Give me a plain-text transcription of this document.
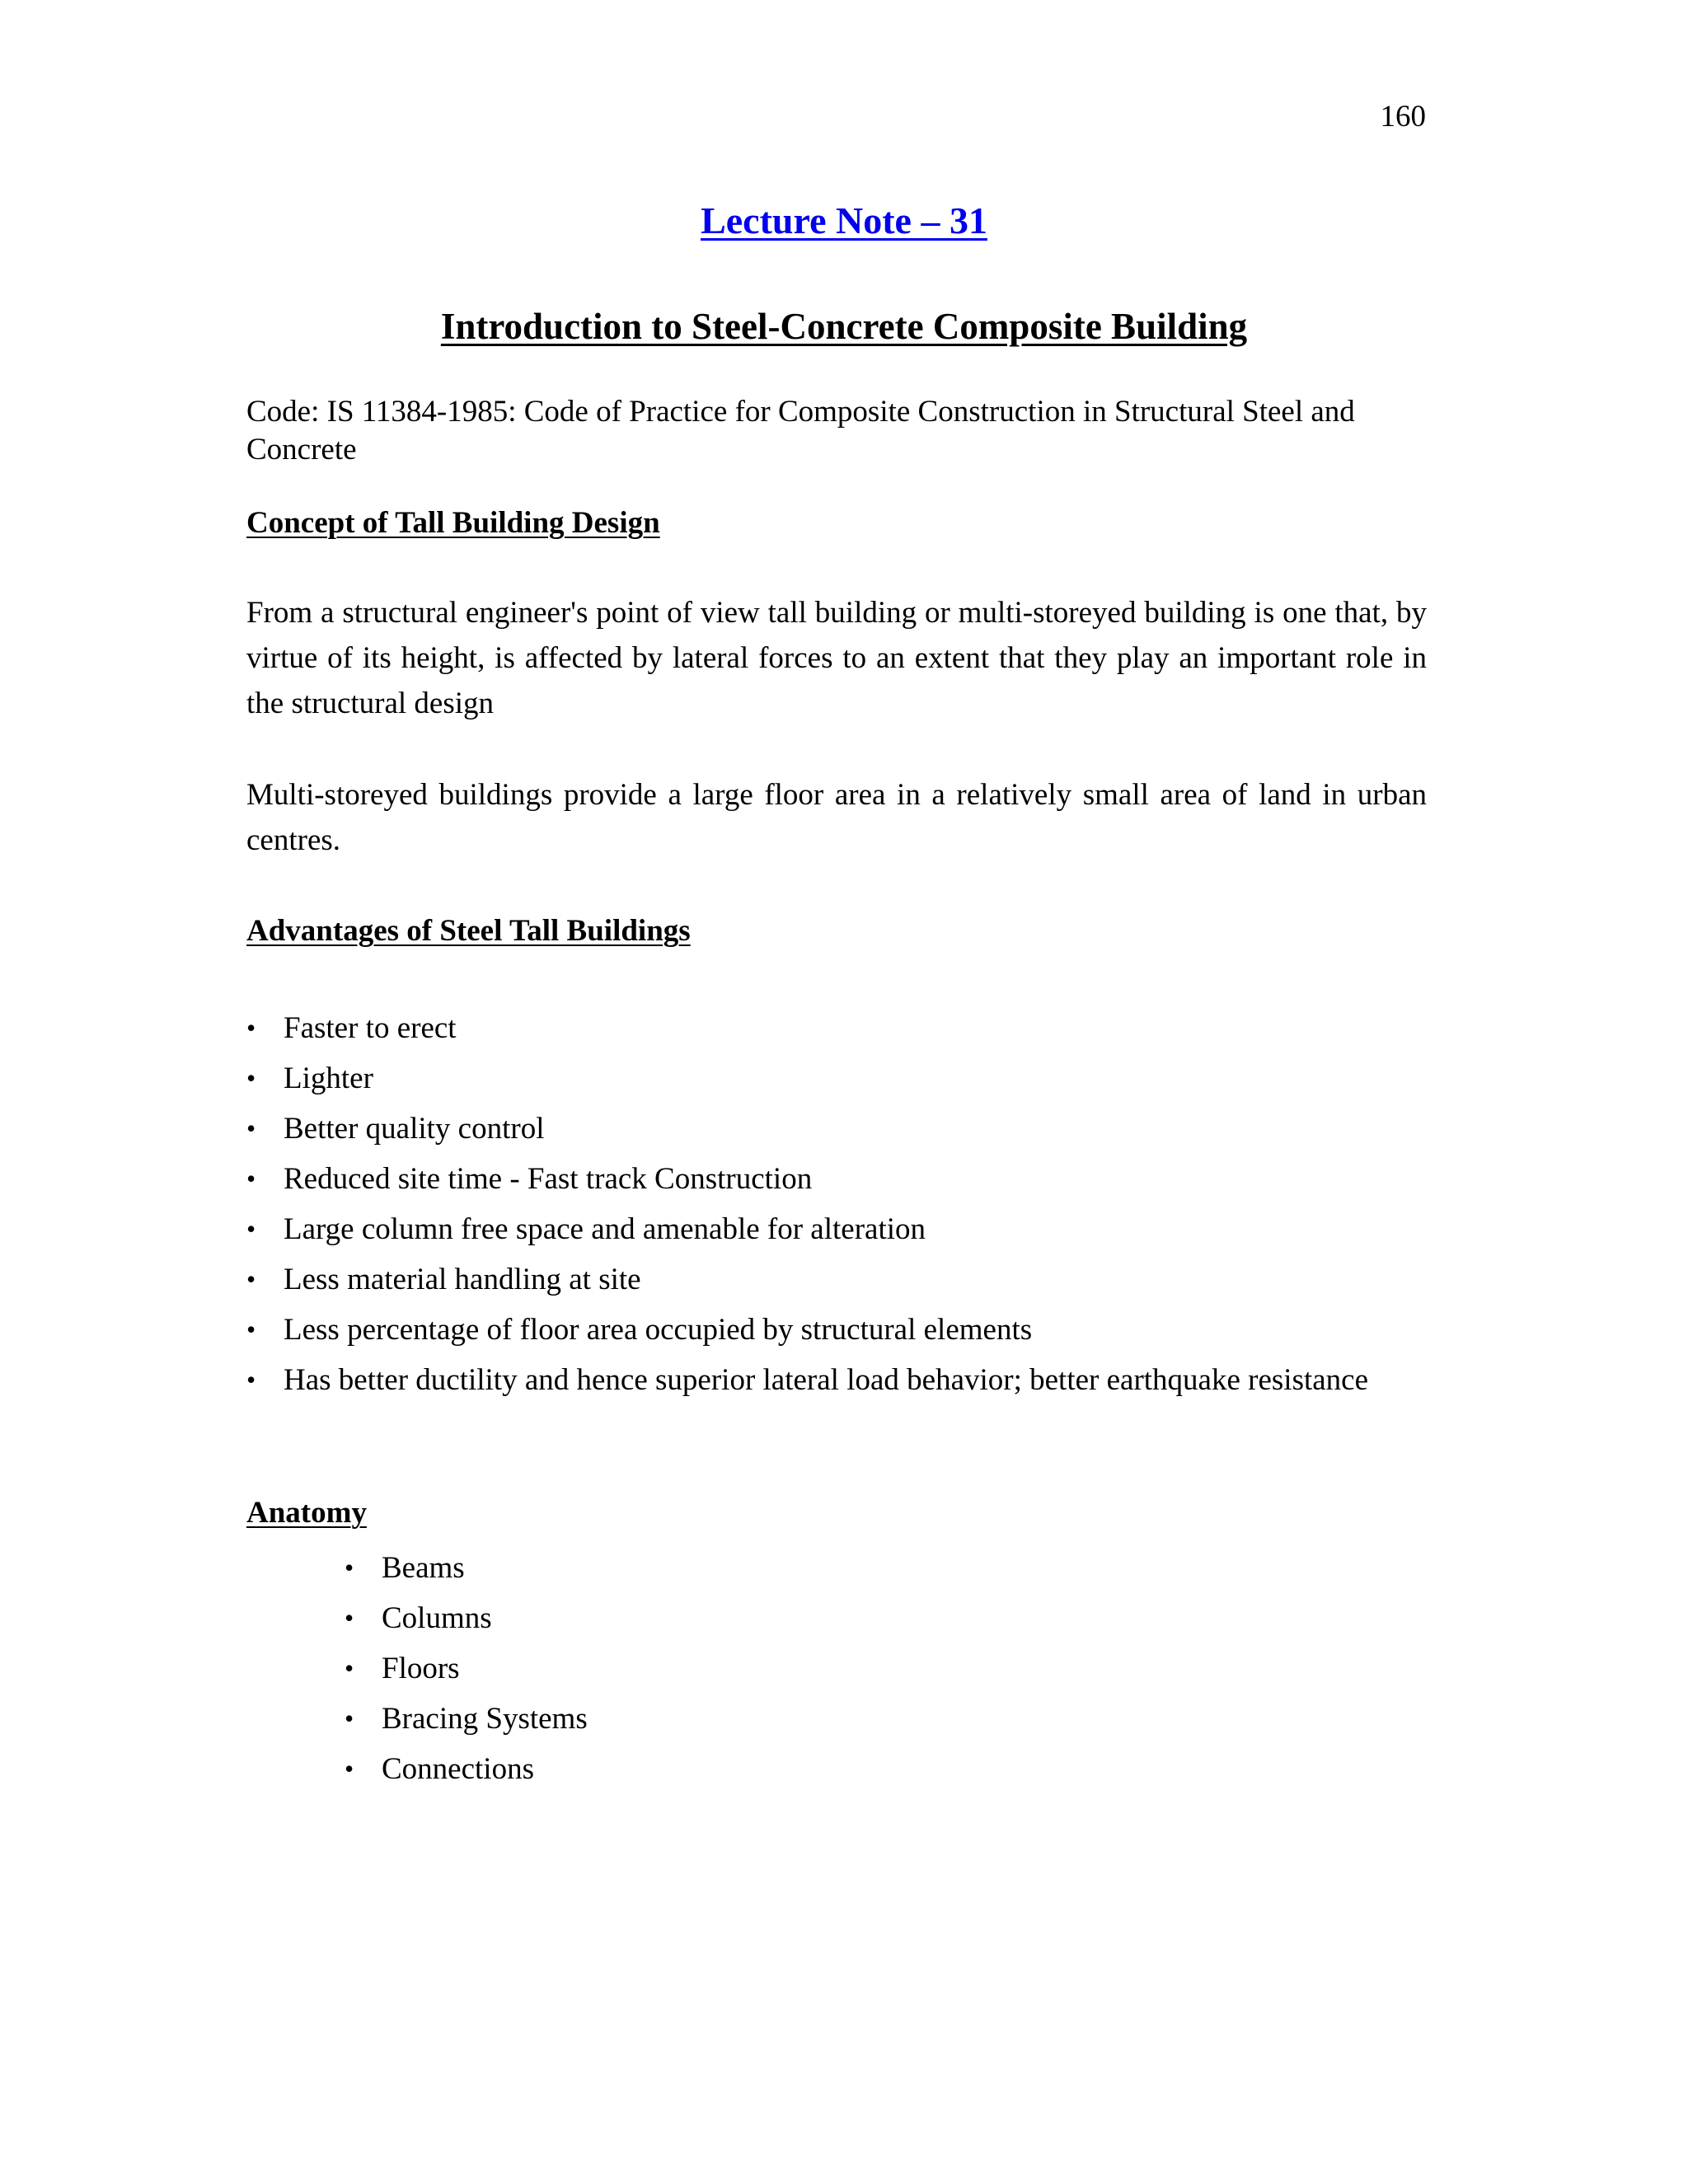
160
Lecture Note – 31
Introduction to Steel-Concrete Composite Building
Code: IS 11384-1985: Code of Practice for Composite Construction in Structural Steel and Concrete
Concept of Tall Building Design
From a structural engineer's point of view tall building or multi-storeyed building is one that, by virtue of its height, is affected by lateral forces to an extent that they play an important role in the structural design
Multi-storeyed buildings provide a large floor area in a relatively small area of land in urban centres.
Advantages of Steel Tall Buildings
• Faster to erect
• Lighter
• Better quality control
• Reduced site time - Fast track Construction
• Large column free space and amenable for alteration
• Less material handling at site
• Less percentage of floor area occupied by structural elements
• Has better ductility and hence superior lateral load behavior; better earthquake resistance
Anatomy
• Beams
• Columns
• Floors
• Bracing Systems
• Connections
